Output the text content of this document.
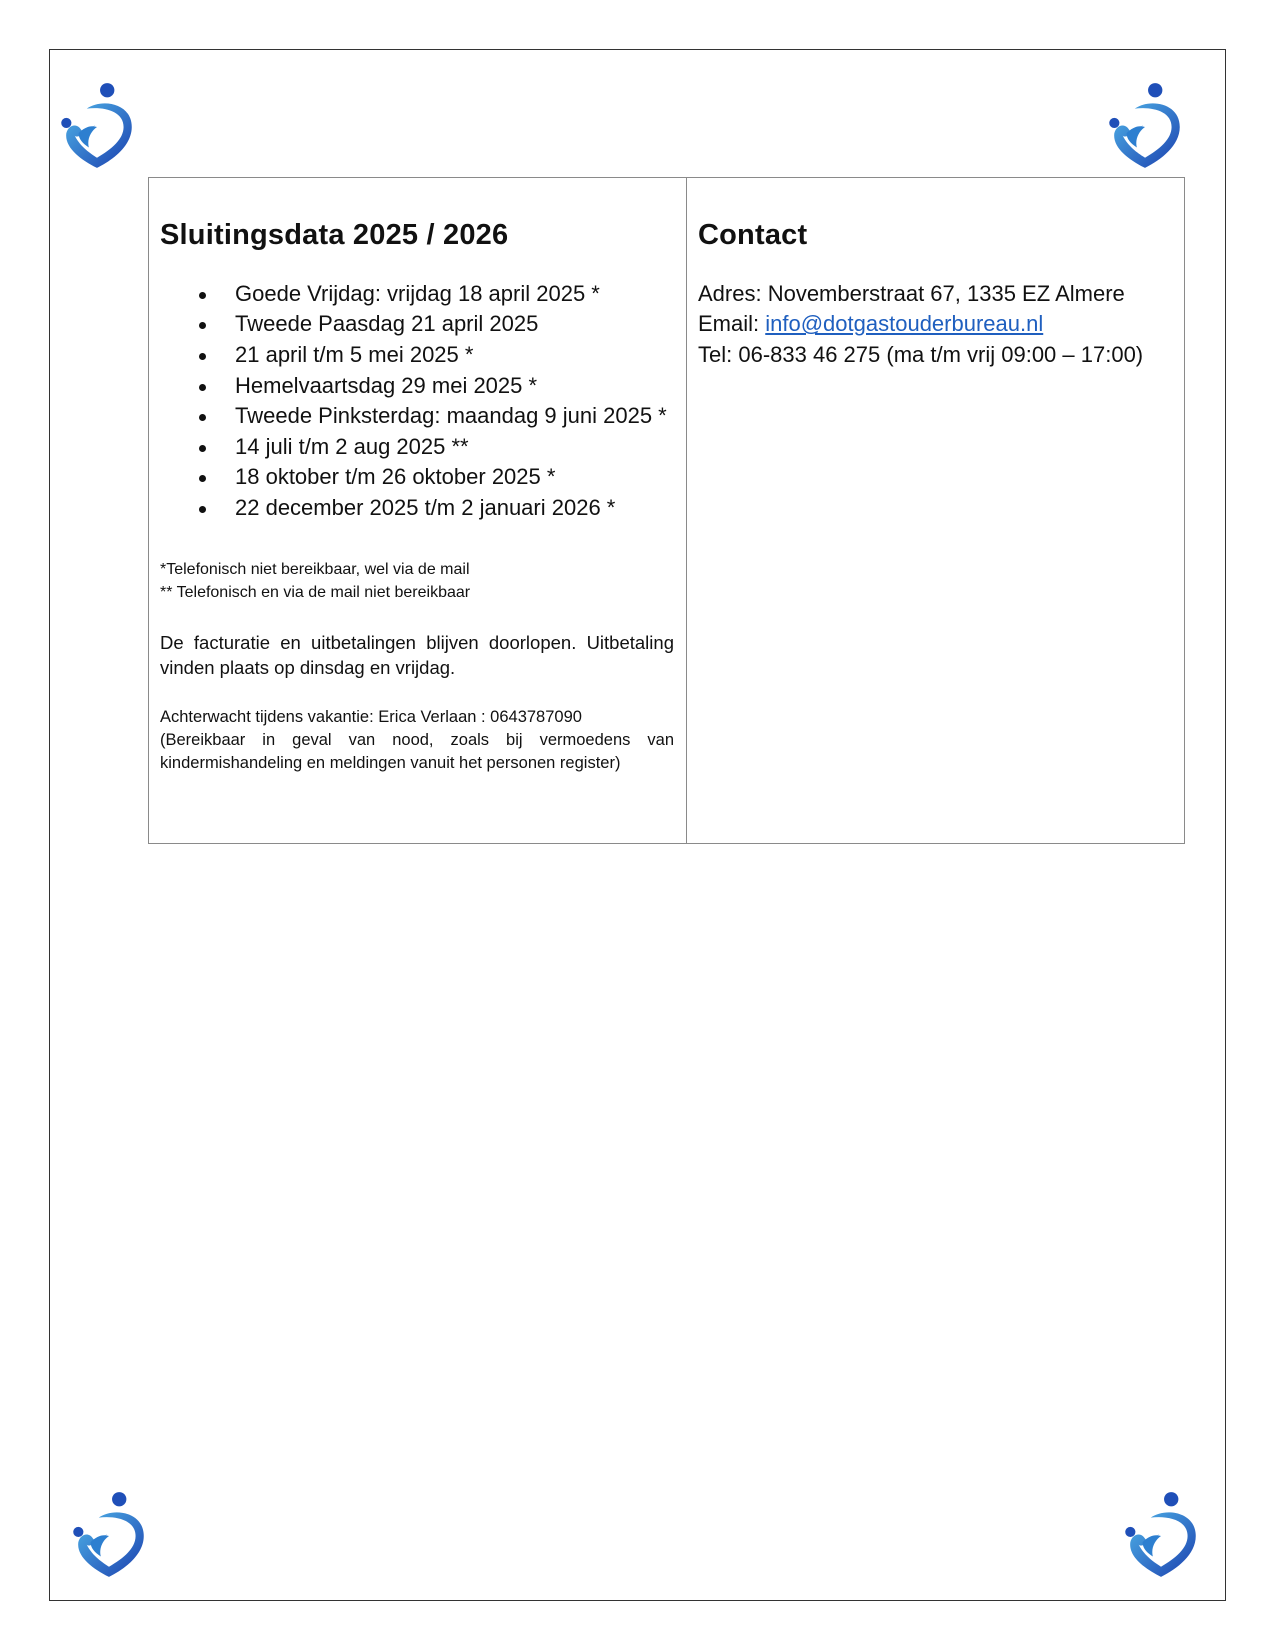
Sluitingsdata 2025 / 2026
Goede Vrijdag: vrijdag 18 april 2025 *
Tweede Paasdag 21 april 2025
21 april t/m 5 mei 2025 *
Hemelvaartsdag 29 mei 2025 *
Tweede Pinksterdag: maandag 9 juni 2025 *
14 juli t/m 2 aug 2025 **
18 oktober t/m 26 oktober 2025 *
22 december 2025 t/m 2 januari 2026 *
*Telefonisch niet bereikbaar, wel via de mail
** Telefonisch en via de mail niet bereikbaar
De facturatie en uitbetalingen blijven doorlopen. Uitbetaling vinden plaats op dinsdag en vrijdag.
Achterwacht tijdens vakantie: Erica Verlaan : 0643787090
(Bereikbaar in geval van nood, zoals bij vermoedens van kindermishandeling en meldingen vanuit het personen register)
Contact
Adres: Novemberstraat 67, 1335 EZ Almere
Email: info@dotgastouderbureau.nl
Tel: 06-833 46 275 (ma t/m vrij 09:00 – 17:00)
